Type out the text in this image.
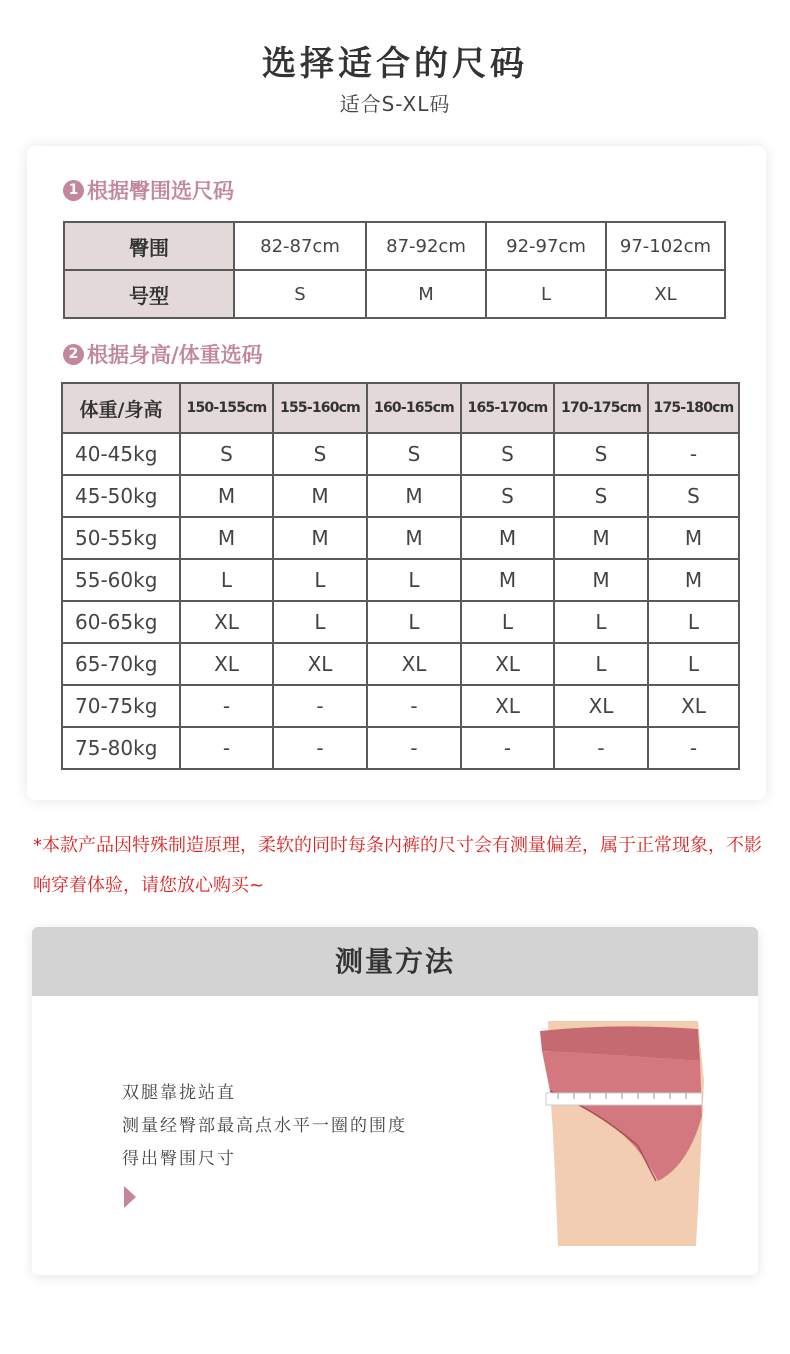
选择适合的尺码
适合S-XL码
1 根据臀围选尺码
臀围	82-87cm	87-92cm	92-97cm	97-102cm
号型	S	M	L	XL
2 根据身高/体重选码
体重/身高	150-155cm	155-160cm	160-165cm	165-170cm	170-175cm	175-180cm
40-45kg	S	S	S	S	S	-
45-50kg	M	M	M	S	S	S
50-55kg	M	M	M	M	M	M
55-60kg	L	L	L	M	M	M
60-65kg	XL	L	L	L	L	L
65-70kg	XL	XL	XL	XL	L	L
70-75kg	-	-	-	XL	XL	XL
75-80kg	-	-	-	-	-	-
*本款产品因特殊制造原理，柔软的同时每条内裤的尺寸会有测量偏差，属于正常现象，不影响穿着体验，请您放心购买~
测量方法
双腿靠拢站直
测量经臀部最高点水平一圈的围度
得出臀围尺寸
